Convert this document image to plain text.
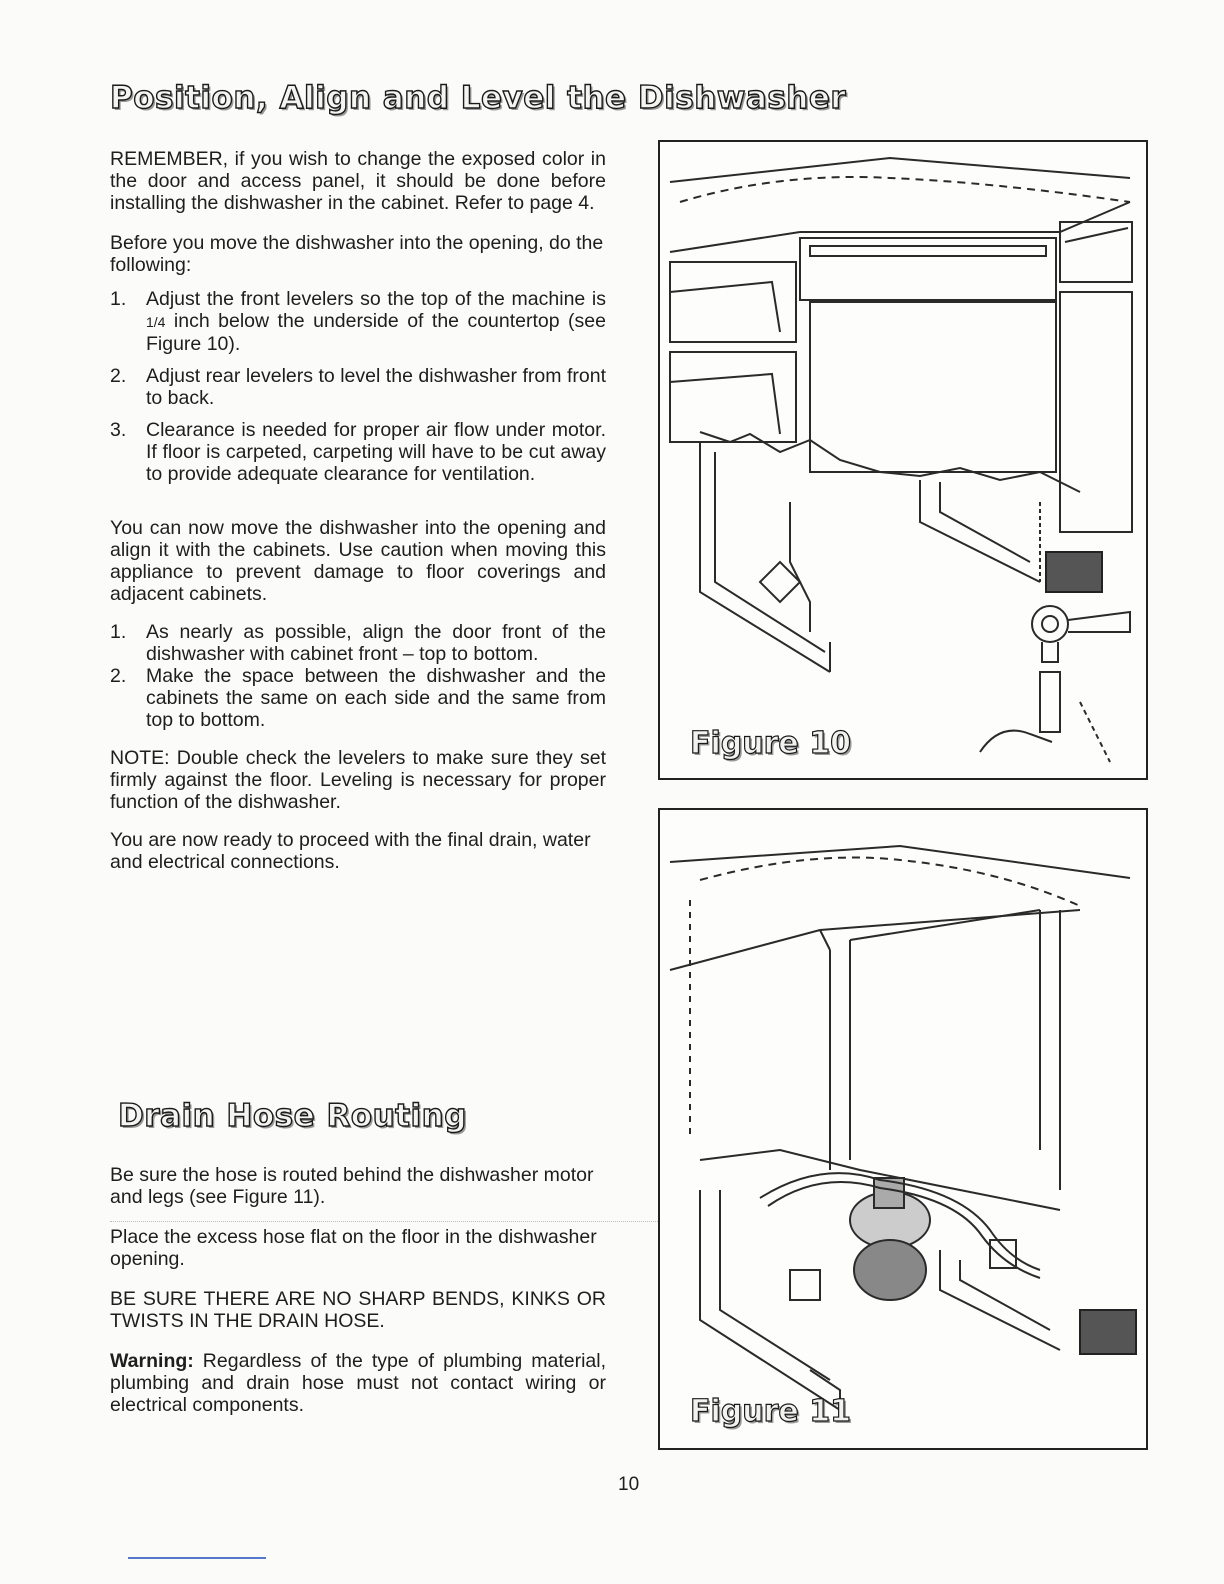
Position, Align and Level the Dishwasher

REMEMBER, if you wish to change the exposed color in the door and access panel, it should be done before installing the dishwasher in the cabinet. Refer to page 4.

Before you move the dishwasher into the opening, do the following:

1. Adjust the front levelers so the top of the machine is 1/4 inch below the underside of the countertop (see Figure 10).
2. Adjust rear levelers to level the dishwasher from front to back.
3. Clearance is needed for proper air flow under motor. If floor is carpeted, carpeting will have to be cut away to provide adequate clearance for ventilation.

You can now move the dishwasher into the opening and align it with the cabinets. Use caution when moving this appliance to prevent damage to floor coverings and adjacent cabinets.

1. As nearly as possible, align the door front of the dishwasher with cabinet front – top to bottom.
2. Make the space between the dishwasher and the cabinets the same on each side and the same from top to bottom.

NOTE: Double check the levelers to make sure they set firmly against the floor. Leveling is necessary for proper function of the dishwasher.

You are now ready to proceed with the final drain, water and electrical connections.

Drain Hose Routing

Be sure the hose is routed behind the dishwasher motor and legs (see Figure 11).

Place the excess hose flat on the floor in the dishwasher opening.

BE SURE THERE ARE NO SHARP BENDS, KINKS OR TWISTS IN THE DRAIN HOSE.

Warning: Regardless of the type of plumbing material, plumbing and drain hose must not contact wiring or electrical components.

Figure 10
Figure 11
10
